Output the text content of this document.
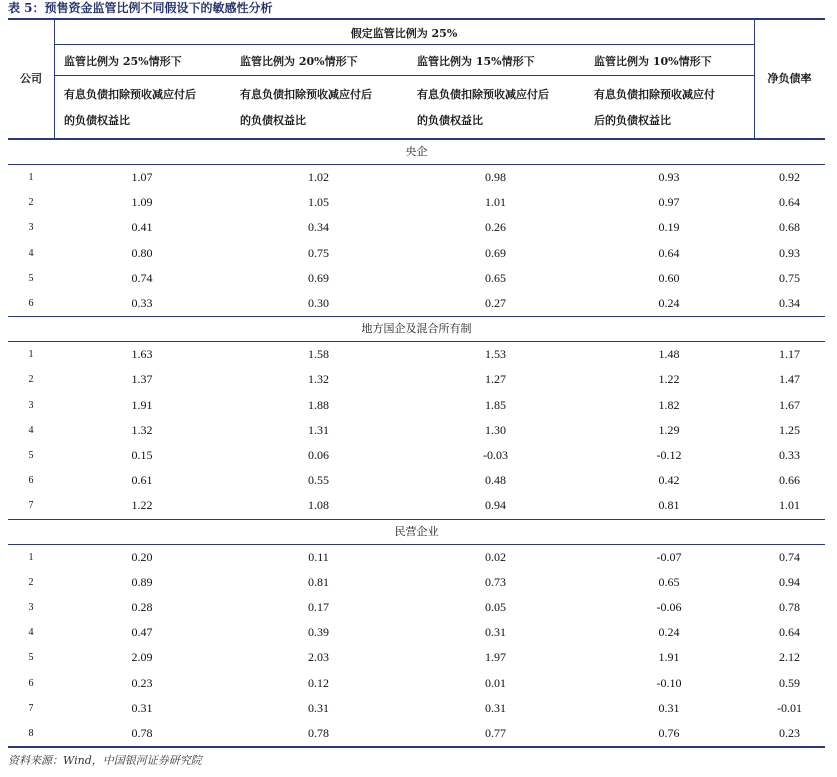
表 5：预售资金监管比例不同假设下的敏感性分析
公司
假定监管比例为 25%
监管比例为 25%情形下	监管比例为 20%情形下	监管比例为 15%情形下	监管比例为 10%情形下
有息负债扣除预收减应付后
的负债权益比
有息负债扣除预收减应付后
的负债权益比
有息负债扣除预收减应付后
的负债权益比
有息负债扣除预收减应付
后的负债权益比
净负债率
央企
1	1.07	1.02	0.98	0.93	0.92
2	1.09	1.05	1.01	0.97	0.64
3	0.41	0.34	0.26	0.19	0.68
4	0.80	0.75	0.69	0.64	0.93
5	0.74	0.69	0.65	0.60	0.75
6	0.33	0.30	0.27	0.24	0.34
地方国企及混合所有制
1	1.63	1.58	1.53	1.48	1.17
2	1.37	1.32	1.27	1.22	1.47
3	1.91	1.88	1.85	1.82	1.67
4	1.32	1.31	1.30	1.29	1.25
5	0.15	0.06	-0.03	-0.12	0.33
6	0.61	0.55	0.48	0.42	0.66
7	1.22	1.08	0.94	0.81	1.01
民营企业
1	0.20	0.11	0.02	-0.07	0.74
2	0.89	0.81	0.73	0.65	0.94
3	0.28	0.17	0.05	-0.06	0.78
4	0.47	0.39	0.31	0.24	0.64
5	2.09	2.03	1.97	1.91	2.12
6	0.23	0.12	0.01	-0.10	0.59
7	0.31	0.31	0.31	0.31	-0.01
8	0.78	0.78	0.77	0.76	0.23
资料来源：Wind，中国银河证券研究院
